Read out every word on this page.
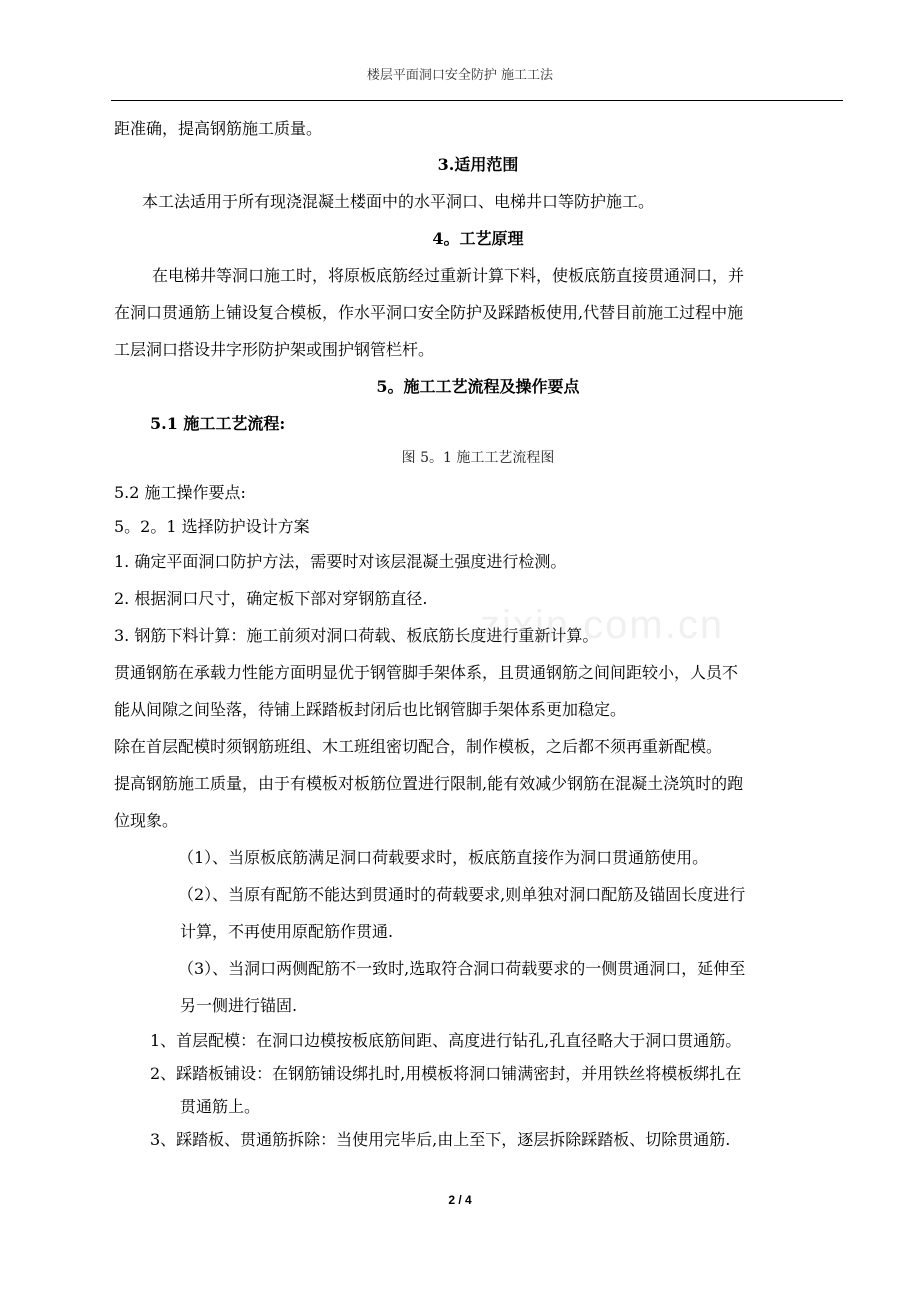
楼层平面洞口安全防护 施工工法
距准确，提高钢筋施工质量。
3.适用范围
本工法适用于所有现浇混凝土楼面中的水平洞口、电梯井口等防护施工。
4。工艺原理
在电梯井等洞口施工时，将原板底筋经过重新计算下料，使板底筋直接贯通洞口，并
在洞口贯通筋上铺设复合模板，作水平洞口安全防护及踩踏板使用,代替目前施工过程中施
工层洞口搭设井字形防护架或围护钢管栏杆。
5。施工工艺流程及操作要点
5.1 施工工艺流程:
图 5。1 施工工艺流程图
5.2 施工操作要点:
5。2。1 选择防护设计方案
1. 确定平面洞口防护方法，需要时对该层混凝土强度进行检测。
2. 根据洞口尺寸，确定板下部对穿钢筋直径.
3. 钢筋下料计算：施工前须对洞口荷载、板底筋长度进行重新计算。
贯通钢筋在承载力性能方面明显优于钢管脚手架体系，且贯通钢筋之间间距较小，人员不
能从间隙之间坠落，待铺上踩踏板封闭后也比钢管脚手架体系更加稳定。
除在首层配模时须钢筋班组、木工班组密切配合，制作模板，之后都不须再重新配模。
提高钢筋施工质量，由于有模板对板筋位置进行限制,能有效减少钢筋在混凝土浇筑时的跑
位现象。
（1）、当原板底筋满足洞口荷载要求时，板底筋直接作为洞口贯通筋使用。
（2）、当原有配筋不能达到贯通时的荷载要求,则单独对洞口配筋及锚固长度进行
计算，不再使用原配筋作贯通.
（3）、当洞口两侧配筋不一致时,选取符合洞口荷载要求的一侧贯通洞口，延伸至
另一侧进行锚固.
1、首层配模：在洞口边模按板底筋间距、高度进行钻孔,孔直径略大于洞口贯通筋。
2、踩踏板铺设：在钢筋铺设绑扎时,用模板将洞口铺满密封，并用铁丝将模板绑扎在
贯通筋上。
3、踩踏板、贯通筋拆除：当使用完毕后,由上至下，逐层拆除踩踏板、切除贯通筋.
zixin.com.cn
2 / 4
